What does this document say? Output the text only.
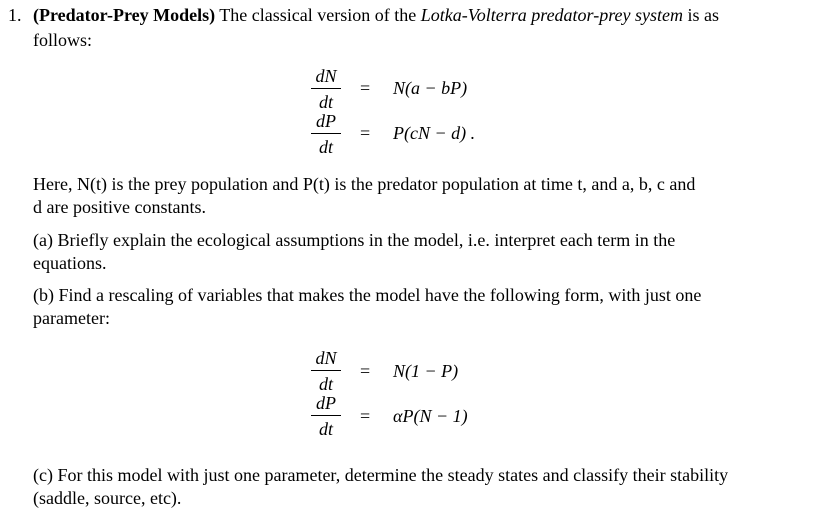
1. (Predator-Prey Models) The classical version of the Lotka-Volterra predator-prey system is as
follows:
dN
dt
= N(a − bP)
dP
dt
= P(cN − d) .
Here, N(t) is the prey population and P(t) is the predator population at time t, and a, b, c and
d are positive constants.
(a) Briefly explain the ecological assumptions in the model, i.e. interpret each term in the
equations.
(b) Find a rescaling of variables that makes the model have the following form, with just one
parameter:
dN
dt
= N(1 − P)
dP
dt
= αP(N − 1)
(c) For this model with just one parameter, determine the steady states and classify their stability
(saddle, source, etc).
